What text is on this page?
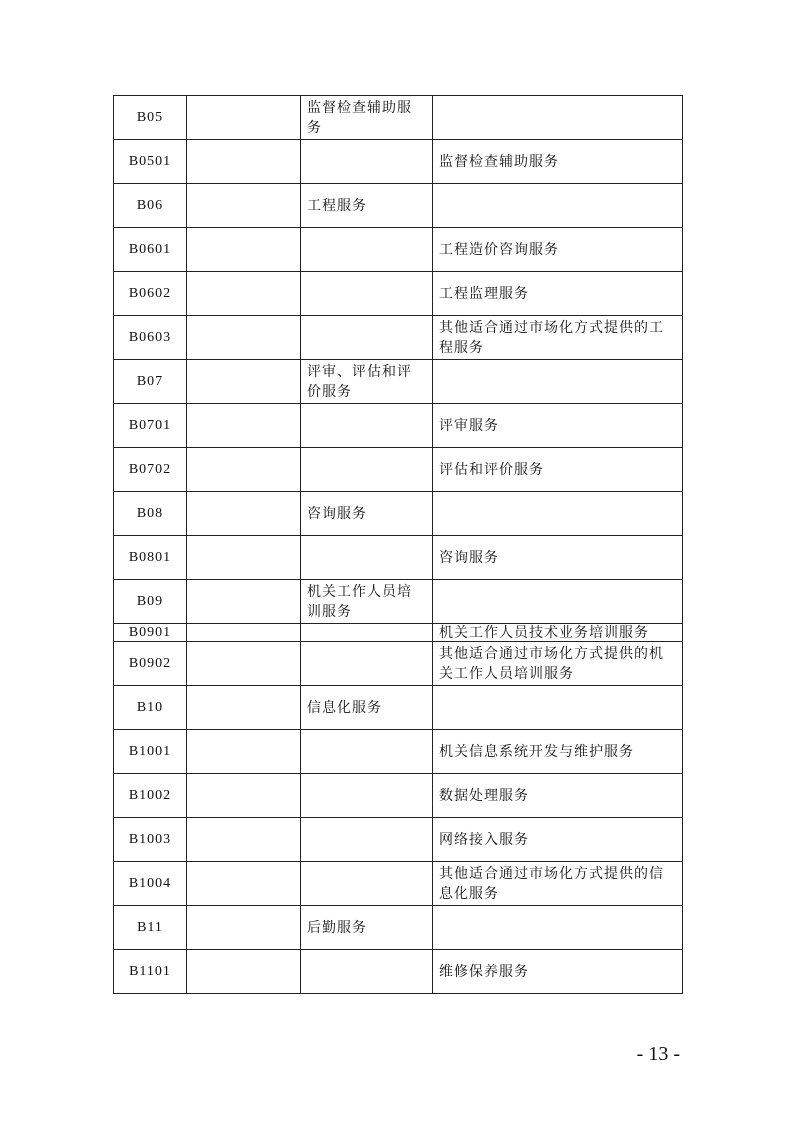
B05		监督检查辅助服务	
B0501			监督检查辅助服务
B06		工程服务	
B0601			工程造价咨询服务
B0602			工程监理服务
B0603			其他适合通过市场化方式提供的工程服务
B07		评审、评估和评价服务	
B0701			评审服务
B0702			评估和评价服务
B08		咨询服务	
B0801			咨询服务
B09		机关工作人员培训服务	
B0901			机关工作人员技术业务培训服务
B0902			其他适合通过市场化方式提供的机关工作人员培训服务
B10		信息化服务	
B1001			机关信息系统开发与维护服务
B1002			数据处理服务
B1003			网络接入服务
B1004			其他适合通过市场化方式提供的信息化服务
B11		后勤服务	
B1101			维修保养服务
- 13 -
